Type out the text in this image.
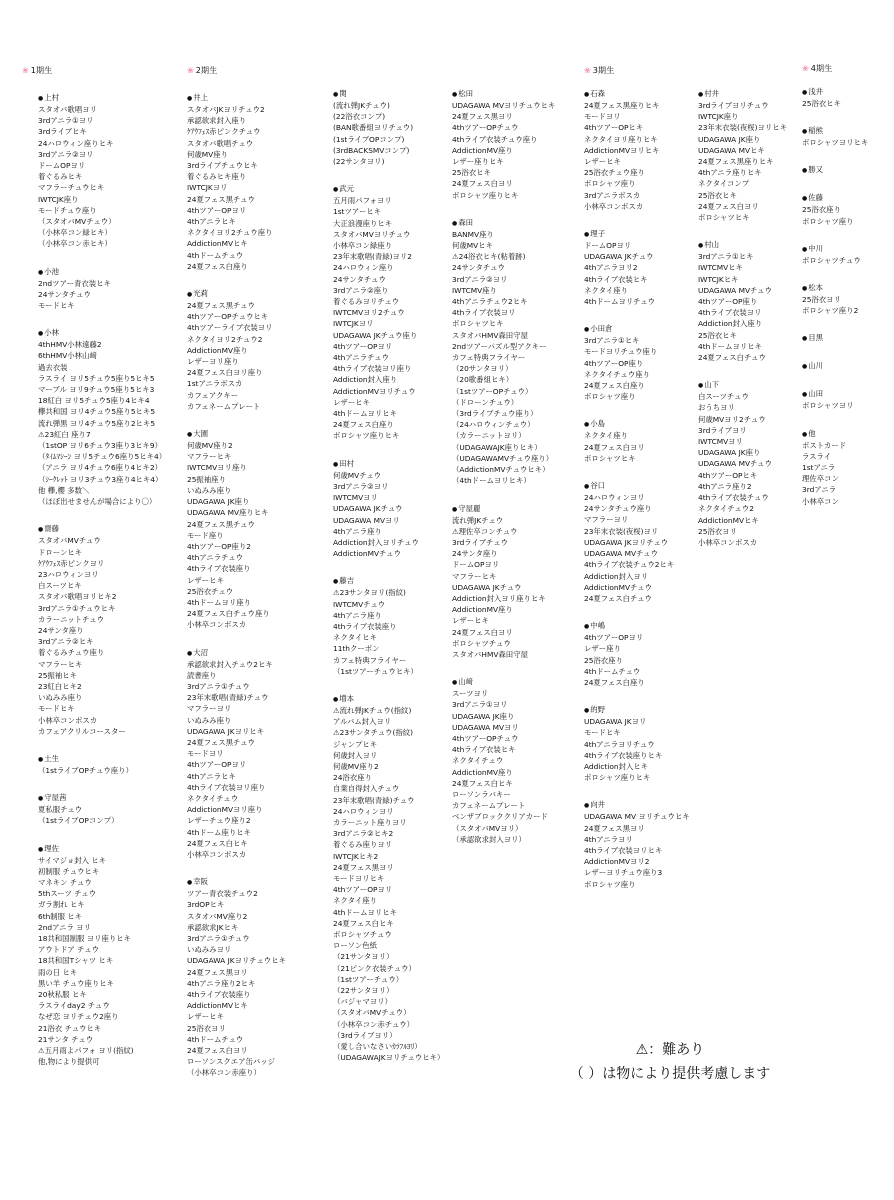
❀ 1期生	❀ 2期生	❀ 3期生	❀ 4期生
● 上村
スタオバ歌唱ヨリ
3rdアニラ①ヨリ
3rdライブヒキ
24ハロウィン座りヒキ
3rdアニラ②ヨリ
ドームOPヨリ
着ぐるみヒキ
マフラーチュウヒキ
IWTCJK座り
モードチュウ座り
（スタオバMVチュウ）
（小林卒コン緑ヒキ）
（小林卒コン赤ヒキ）
● 小池
2ndツアー青衣装ヒキ
24サンタチュウ
モードヒキ
● 小林
4thHMV小林遠藤2
6thHMV小林山﨑
過去衣装
ラスライ ヨリ5チュウ5座り5ヒキ5
マーブル ヨリ9チュウ5座り5ヒキ3
18紅白 ヨリ5チュウ5座り4ヒキ4
欅共和国 ヨリ4チュウ5座り5ヒキ5
流れ弾黒 ヨリ4チュウ5座り2ヒキ5
⚠23紅白 座り7
（1stOP ヨリ6チュウ3座り3ヒキ9）
（ﾀｲﾑﾏｼｰﾝ ヨリ5チュウ6座り5ヒキ4）
（アニラ ヨリ4チュウ6座り4ヒキ2）
（ｼｰｸﾚｯﾄ ヨリ3チュウ3座り4ヒキ4）
他 欅,櫻 多数＼
（ほぼ出せませんが場合により〇）
● 齋藤
スタオバMVチュウ
ドローンヒキ
ｹｱｳﾌｪｽ赤ピンクヨリ
23ハロウィンヨリ
白スーツヒキ
スタオバ歌唱ヨリヒキ2
3rdアニラ①チュウヒキ
カラーニットチュウ
24サンタ座り
3rdアニラ②ヒキ
着ぐるみチュウ座り
マフラーヒキ
25振袖ヒキ
23紅白ヒキ2
いぬみみ座り
モードヒキ
小林卒コンボスカ
カフェアクリルコースター
● 土生
（1stライブOPチュウ座り）
● 守屋茜
夏私服チュウ
（1stライブOPコンプ）
● 理佐
サイマジョ封入 ヒキ
初制服 チュウヒキ
マネキン チュウ
5thスーツ チュウ
ガラ割れ ヒキ
6th制服 ヒキ
2ndアニラ ヨリ
18共和国制服 ヨリ座りヒキ
アウトドア チュウ
18共和国Tシャツ ヒキ
雨の日 ヒキ
黒い羊 チュウ座りヒキ
20秋私服 ヒキ
ラスライday2 チュウ
なぜ恋 ヨリチュウ2座り
21浴衣 チュウヒキ
21サンタ チュウ
⚠五月雨よパフォ ヨリ(指紋)
他,物により提供可
● 井上
スタオバJKヨリチュウ2
承認欲求封入座り
ｹｱｳﾌｪｽ赤ピンクチュウ
スタオバ歌唱チュウ
何歳MV座り
3rdライブチュウヒキ
着ぐるみヒキ座り
IWTCJKヨリ
24夏フェス黒チュウ
4thツアーOPヨリ
4thアニラヒキ
ネクタイヨリ2チュウ座り
AddictionMVヒキ
4thドームチュウ
24夏フェス白座り
● 光莉
24夏フェス黒チュウ
4thツアーOPチュウヒキ
4thツアーライブ衣装ヨリ
ネクタイヨリ2チュウ2
AddictionMV座り
レザーヨリ座り
24夏フェス白ヨリ座り
1stアニラボスカ
カフェアクキー
カフェネームプレート
● 大園
何歳MV座り2
マフラーヒキ
IWTCMVヨリ座り
25振袖座り
いぬみみ座り
UDAGAWA JK座り
UDAGAWA MV座りヒキ
24夏フェス黒チュウ
モード座り
4thツアーOP座り2
4thアニラチュウ
4thライブ衣装座り
レザーヒキ
25浴衣チュウ
4thドームヨリ座り
24夏フェス白チュウ座り
小林卒コンボスカ
● 大沼
承認欲求封入チュウ2ヒキ
読書座り
3rdアニラ①チュウ
23年末歌唱(青緑)チュウ
マフラーヨリ
いぬみみ座り
UDAGAWA JKヨリヒキ
24夏フェス黒チュウ
モードヨリ
4thツアーOPヨリ
4thアニラヒキ
4thライブ衣装ヨリ座り
ネクタイチュウ
AddictionMVヨリ座り
レザーチュウ座り2
4thドーム座りヒキ
24夏フェス白ヒキ
小林卒コンボスカ
● 幸阪
ツアー青衣装チュウ2
3rdOPヒキ
スタオバMV座り2
承認欲求JKヒキ
3rdアニラ①チュウ
いぬみみヨリ
UDAGAWA JKヨリチュウヒキ
24夏フェス黒ヨリ
4thアニラ座り2ヒキ
4thライブ衣装座り
AddictionMVヒキ
レザーヒキ
25浴衣ヨリ
4thドームチュウ
24夏フェス白ヨリ
ローソンスクエア缶バッジ
（小林卒コン赤座り）
● 関
(流れ弾JKチュウ)
(22浴衣コンプ)
(BAN歌番組ヨリチュウ)
(1stライブOPコンプ)
(3rdBACKSMVコンプ)
(22サンタヨリ)
● 武元
五月雨パフォヨリ
1stツアーヒキ
大正浪漫座りヒキ
スタオバMVヨリチュウ
小林卒コン緑座り
23年末歌唱(青緑)ヨリ2
24ハロウィン座り
24サンタチュウ
3rdアニラ②座り
着ぐるみヨリチュウ
IWTCMVヨリ2チュウ
IWTCJKヨリ
UDAGAWA JKチュウ座り
4thツアーOPヨリ
4thアニラチュウ
4thライブ衣装ヨリ座り
Addiction封入座り
AddictionMVヨリチュウ
レザーヒキ
4thドームヨリヒキ
24夏フェス白座り
ボロシャツ座りヒキ
● 田村
何歳MVチュウ
3rdアニラ②ヨリ
IWTCMVヨリ
UDAGAWA JKチュウ
UDAGAWA MVヨリ
4thアニラ座り
Addiction封入ヨリチュウ
AddictionMVチュウ
● 藤吉
⚠23サンタヨリ(指紋)
IWTCMVチュウ
4thアニラ座り
4thライブ衣装座り
ネクタイヒキ
11thクーポン
カフェ特典フライヤー
（1stツアーチュウヒキ）
● 増本
⚠流れ弾JKチュウ(指紋)
アルバム封入ヨリ
⚠23サンタチュウ(指紋)
ジャンプヒキ
何歳封入ヨリ
何歳MV座り2
24浴衣座り
自業自得封入チュウ
23年末歌唱(青緑)チュウ
24ハロウィンヨリ
カラーニット座りヨリ
3rdアニラ②ヒキ2
着ぐるみ座りヨリ
IWTCJKヒキ2
24夏フェス黒ヨリ
モードヨリヒキ
4thツアーOPヨリ
ネクタイ座り
4thドームヨリヒキ
24夏フェス白ヒキ
ボロシャツチュウ
ローソン色紙
（21サンタヨリ）
（21ピンク衣装チュウ）
（1stツアーチュウ）
（22サンタヨリ）
（バジャマヨリ）
（スタオバMVチュウ）
（小林卒コン赤チュウ）
（3rdライブヨリ）
（愛し合いなさいｶﾗﾌﾙﾖﾘ）
（UDAGAWAJKヨリチュウヒキ）
● 松田
UDAGAWA MVヨリチュウヒキ
24夏フェス黒ヨリ
4thツアーOPチュウ
4thライブ衣装チュウ座り
AddictionMV座り
レザー座りヒキ
25浴衣ヒキ
24夏フェス白ヨリ
ボロシャツ座りヒキ
● 森田
BANMV座り
何歳MVヒキ
⚠24浴衣ヒキ(粘着跡)
24サンタチュウ
3rdアニラ②ヨリ
IWTCMV座り
4thアニラチュウ2ヒキ
4thライブ衣装ヨリ
ボロシャツヒキ
スタオバHMV森田守屋
2ndツアーパズル型アクキー
カフェ特典フライヤー
（20サンタヨリ）
（20歌番組ヒキ）
（1stツアーOPチュウ）
（ドローンチュウ）
（3rdライブチュウ座り）
（24ハロウィンチュウ）
（カラーニットヨリ）
（UDAGAWAJK座りヒキ）
（UDAGAWAMVチュウ座り）
（AddictionMVチュウヒキ）
（4thドームヨリヒキ）
● 守屋麗
流れ弾JKチュウ
⚠理佐卒コンチュウ
3rdライブチュウ
24サンタ座り
ドームOPヨリ
マフラーヒキ
UDAGAWA JKチュウ
Addiction封入ヨリ座りヒキ
AddictionMV座り
レザーヒキ
24夏フェス白ヨリ
ボロシャツチュウ
スタオバHMV森田守屋
● 山﨑
スーツヨリ
3rdアニラ①ヨリ
UDAGAWA JK座り
UDAGAWA MVヨリ
4thツアーOPチュウ
4thライブ衣装ヒキ
ネクタイチュウ
AddictionMV座り
24夏フェス白ヒキ
ローソンラバキー
カフェネームプレート
ベンザブロッククリアカード
（スタオバMVヨリ）
（承認欲求封入ヨリ）
● 石森
24夏フェス黒座りヒキ
モードヨリ
4thツアーOPヒキ
ネクタイヨリ座りヒキ
AddictionMVヨリヒキ
レザーヒキ
25浴衣チュウ座り
ボロシャツ座り
3rdアニラボスカ
小林卒コンボスカ
● 理子
ドームOPヨリ
UDAGAWA JKチュウ
4thアニラヨリ2
4thライブ衣装ヒキ
ネクタイ座り
4thドームヨリチュウ
● 小田倉
3rdアニラ①ヒキ
モードヨリチュウ座り
4thツアーOP座り
ネクタイチュウ座り
24夏フェス白座り
ボロシャツ座り
● 小島
ネクタイ座り
24夏フェス白ヨリ
ボロシャツヒキ
● 谷口
24ハロウィンヨリ
24サンタチュウ座り
マフラーヨリ
23年末衣装(夜桜)ヨリ
UDAGAWA JKヨリチュウ
UDAGAWA MVチュウ
4thライブ衣装チュウ2ヒキ
Addiction封入ヨリ
AddictionMVチュウ
24夏フェス白チュウ
● 中嶋
4thツアーOPヨリ
レザー座り
25浴衣座り
4thドームチュウ
24夏フェス白座り
● 的野
UDAGAWA JKヨリ
モードヒキ
4thアニラヨリチュウ
4thライブ衣装座りヒキ
Addiction封入ヒキ
ボロシャツ座りヒキ
● 向井
UDAGAWA MV ヨリチュウヒキ
24夏フェス黒ヨリ
4thアニラヨリ
4thライブ衣装ヨリヒキ
AddictionMVヨリ2
レザーヨリチュウ座り3
ボロシャツ座り
● 村井
3rdライブヨリチュウ
IWTCJK座り
23年末衣装(夜桜)ヨリヒキ
UDAGAWA JK座り
UDAGAWA MVヒキ
24夏フェス黒座りヒキ
4thアニラ座りヒキ
ネクタイコンプ
25浴衣ヒキ
24夏フェス白ヨリ
ボロシャツヒキ
● 村山
3rdアニラ①ヒキ
IWTCMVヒキ
IWTCJKヒキ
UDAGAWA MVチュウ
4thツアーOP座り
4thライブ衣装ヨリ
Addiction封入座り
25浴衣ヒキ
4thドームヨリヒキ
24夏フェス白チュウ
● 山下
白スーツチュウ
おうちヨリ
何歳MVヨリ2チュウ
3rdライブヨリ
IWTCMVヨリ
UDAGAWA JK座り
UDAGAWA MVチュウ
4thツアーOPヒキ
4thアニラ座り2
4thライブ衣装チュウ
ネクタイチュウ2
AddictionMVヒキ
25浴衣ヨリ
小林卒コンボスカ
● 浅井
25浴衣ヒキ
● 稲熊
ボロシャツヨリヒキ
● 勝又
● 佐藤
25浴衣座り
ボロシャツ座り
● 中川
ボロシャツチュウ
● 松本
25浴衣ヨリ
ボロシャツ座り2
● 目黒
● 山川
● 山田
ボロシャツヨリ
● 他
ポストカード
ラスライ
1stアニラ
理佐卒コン
3rdアニラ
小林卒コン
⚠：難あり
（ ）は物により提供考慮します
